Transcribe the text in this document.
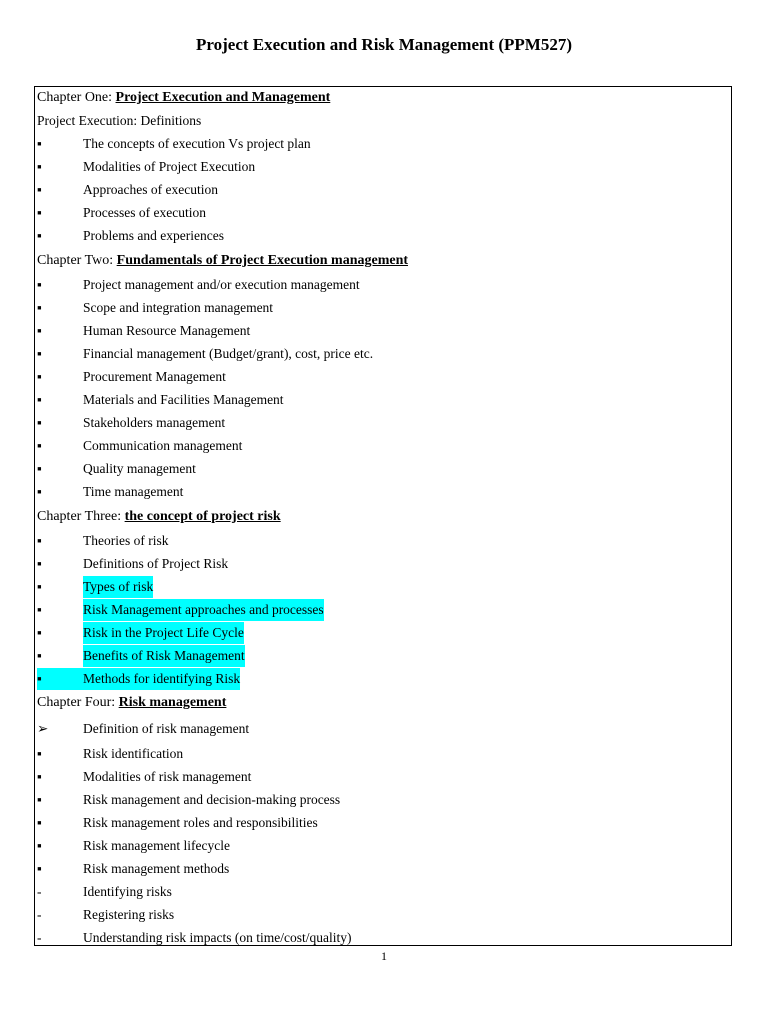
Project Execution and Risk Management (PPM527)
Chapter One: Project Execution and Management
Project Execution: Definitions
▪	The concepts of execution Vs project plan
▪	Modalities of Project Execution
▪	Approaches of execution
▪	Processes of execution
▪	Problems and experiences
Chapter Two: Fundamentals of Project Execution management
▪	Project management and/or execution management
▪	Scope and integration management
▪	Human Resource Management
▪	Financial management (Budget/grant), cost, price etc.
▪	Procurement Management
▪	Materials and Facilities Management
▪	Stakeholders management
▪	Communication management
▪	Quality management
▪	Time management
Chapter Three: the concept of project risk
▪	Theories of risk
▪	Definitions of Project Risk
▪	Types of risk
▪	Risk Management approaches and processes
▪	Risk in the Project Life Cycle
▪	Benefits of Risk Management
▪	Methods for identifying Risk
Chapter Four: Risk management
➢	Definition of risk management
▪	Risk identification
▪	Modalities of risk management
▪	Risk management and decision-making process
▪	Risk management roles and responsibilities
▪	Risk management lifecycle
▪	Risk management methods
-	Identifying risks
-	Registering risks
-	Understanding risk impacts (on time/cost/quality)
1
